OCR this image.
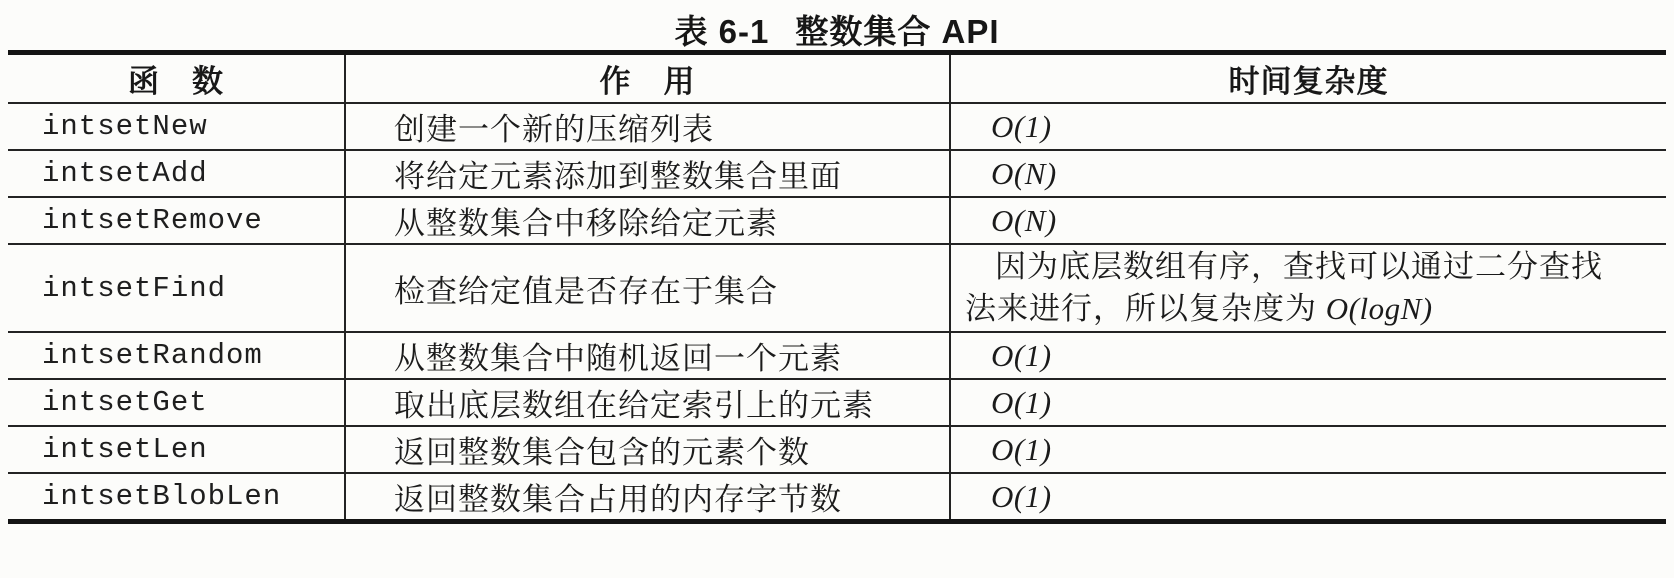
表 6-1 整数集合 API
函　数	作　用	时间复杂度
intsetNew	创建一个新的压缩列表	O(1)
intsetAdd	将给定元素添加到整数集合里面	O(N)
intsetRemove	从整数集合中移除给定元素	O(N)
intsetFind	检查给定值是否存在于集合	因为底层数组有序，查找可以通过二分查找
法来进行，所以复杂度为 O(logN)

intsetRandom	从整数集合中随机返回一个元素	O(1)
intsetGet	取出底层数组在给定索引上的元素	O(1)
intsetLen	返回整数集合包含的元素个数	O(1)
intsetBlobLen	返回整数集合占用的内存字节数	O(1)
